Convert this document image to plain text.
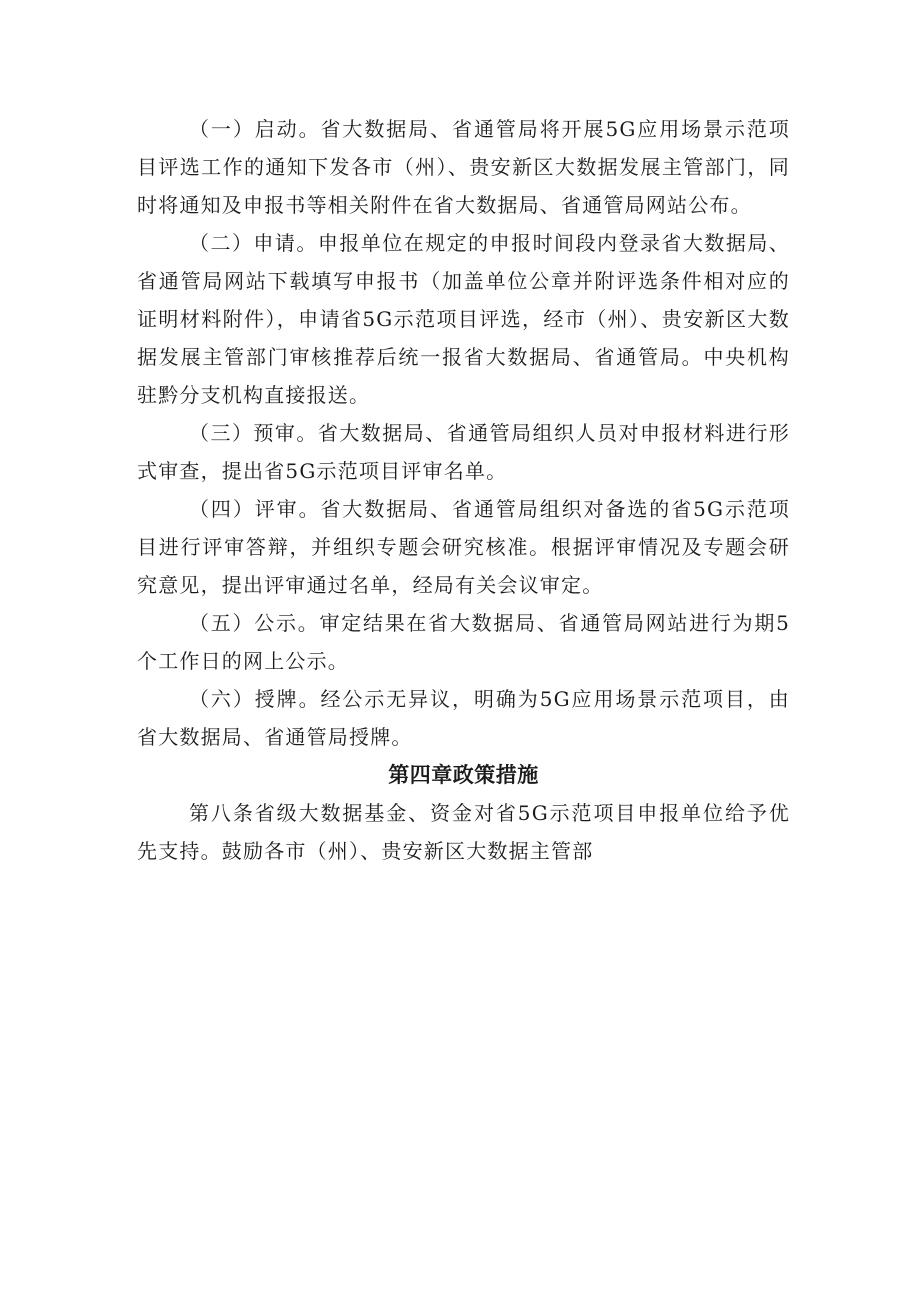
（一）启动。省大数据局、省通管局将开展5G应用场景示范项目评选工作的通知下发各市（州）、贵安新区大数据发展主管部门，同时将通知及申报书等相关附件在省大数据局、省通管局网站公布。

（二）申请。申报单位在规定的申报时间段内登录省大数据局、省通管局网站下载填写申报书（加盖单位公章并附评选条件相对应的证明材料附件），申请省5G示范项目评选，经市（州）、贵安新区大数据发展主管部门审核推荐后统一报省大数据局、省通管局。中央机构驻黔分支机构直接报送。

（三）预审。省大数据局、省通管局组织人员对申报材料进行形式审查，提出省5G示范项目评审名单。

（四）评审。省大数据局、省通管局组织对备选的省5G示范项目进行评审答辩，并组织专题会研究核准。根据评审情况及专题会研究意见，提出评审通过名单，经局有关会议审定。

（五）公示。审定结果在省大数据局、省通管局网站进行为期5个工作日的网上公示。

（六）授牌。经公示无异议，明确为5G应用场景示范项目，由省大数据局、省通管局授牌。

第四章政策措施

第八条省级大数据基金、资金对省5G示范项目申报单位给予优先支持。鼓励各市（州）、贵安新区大数据主管部
